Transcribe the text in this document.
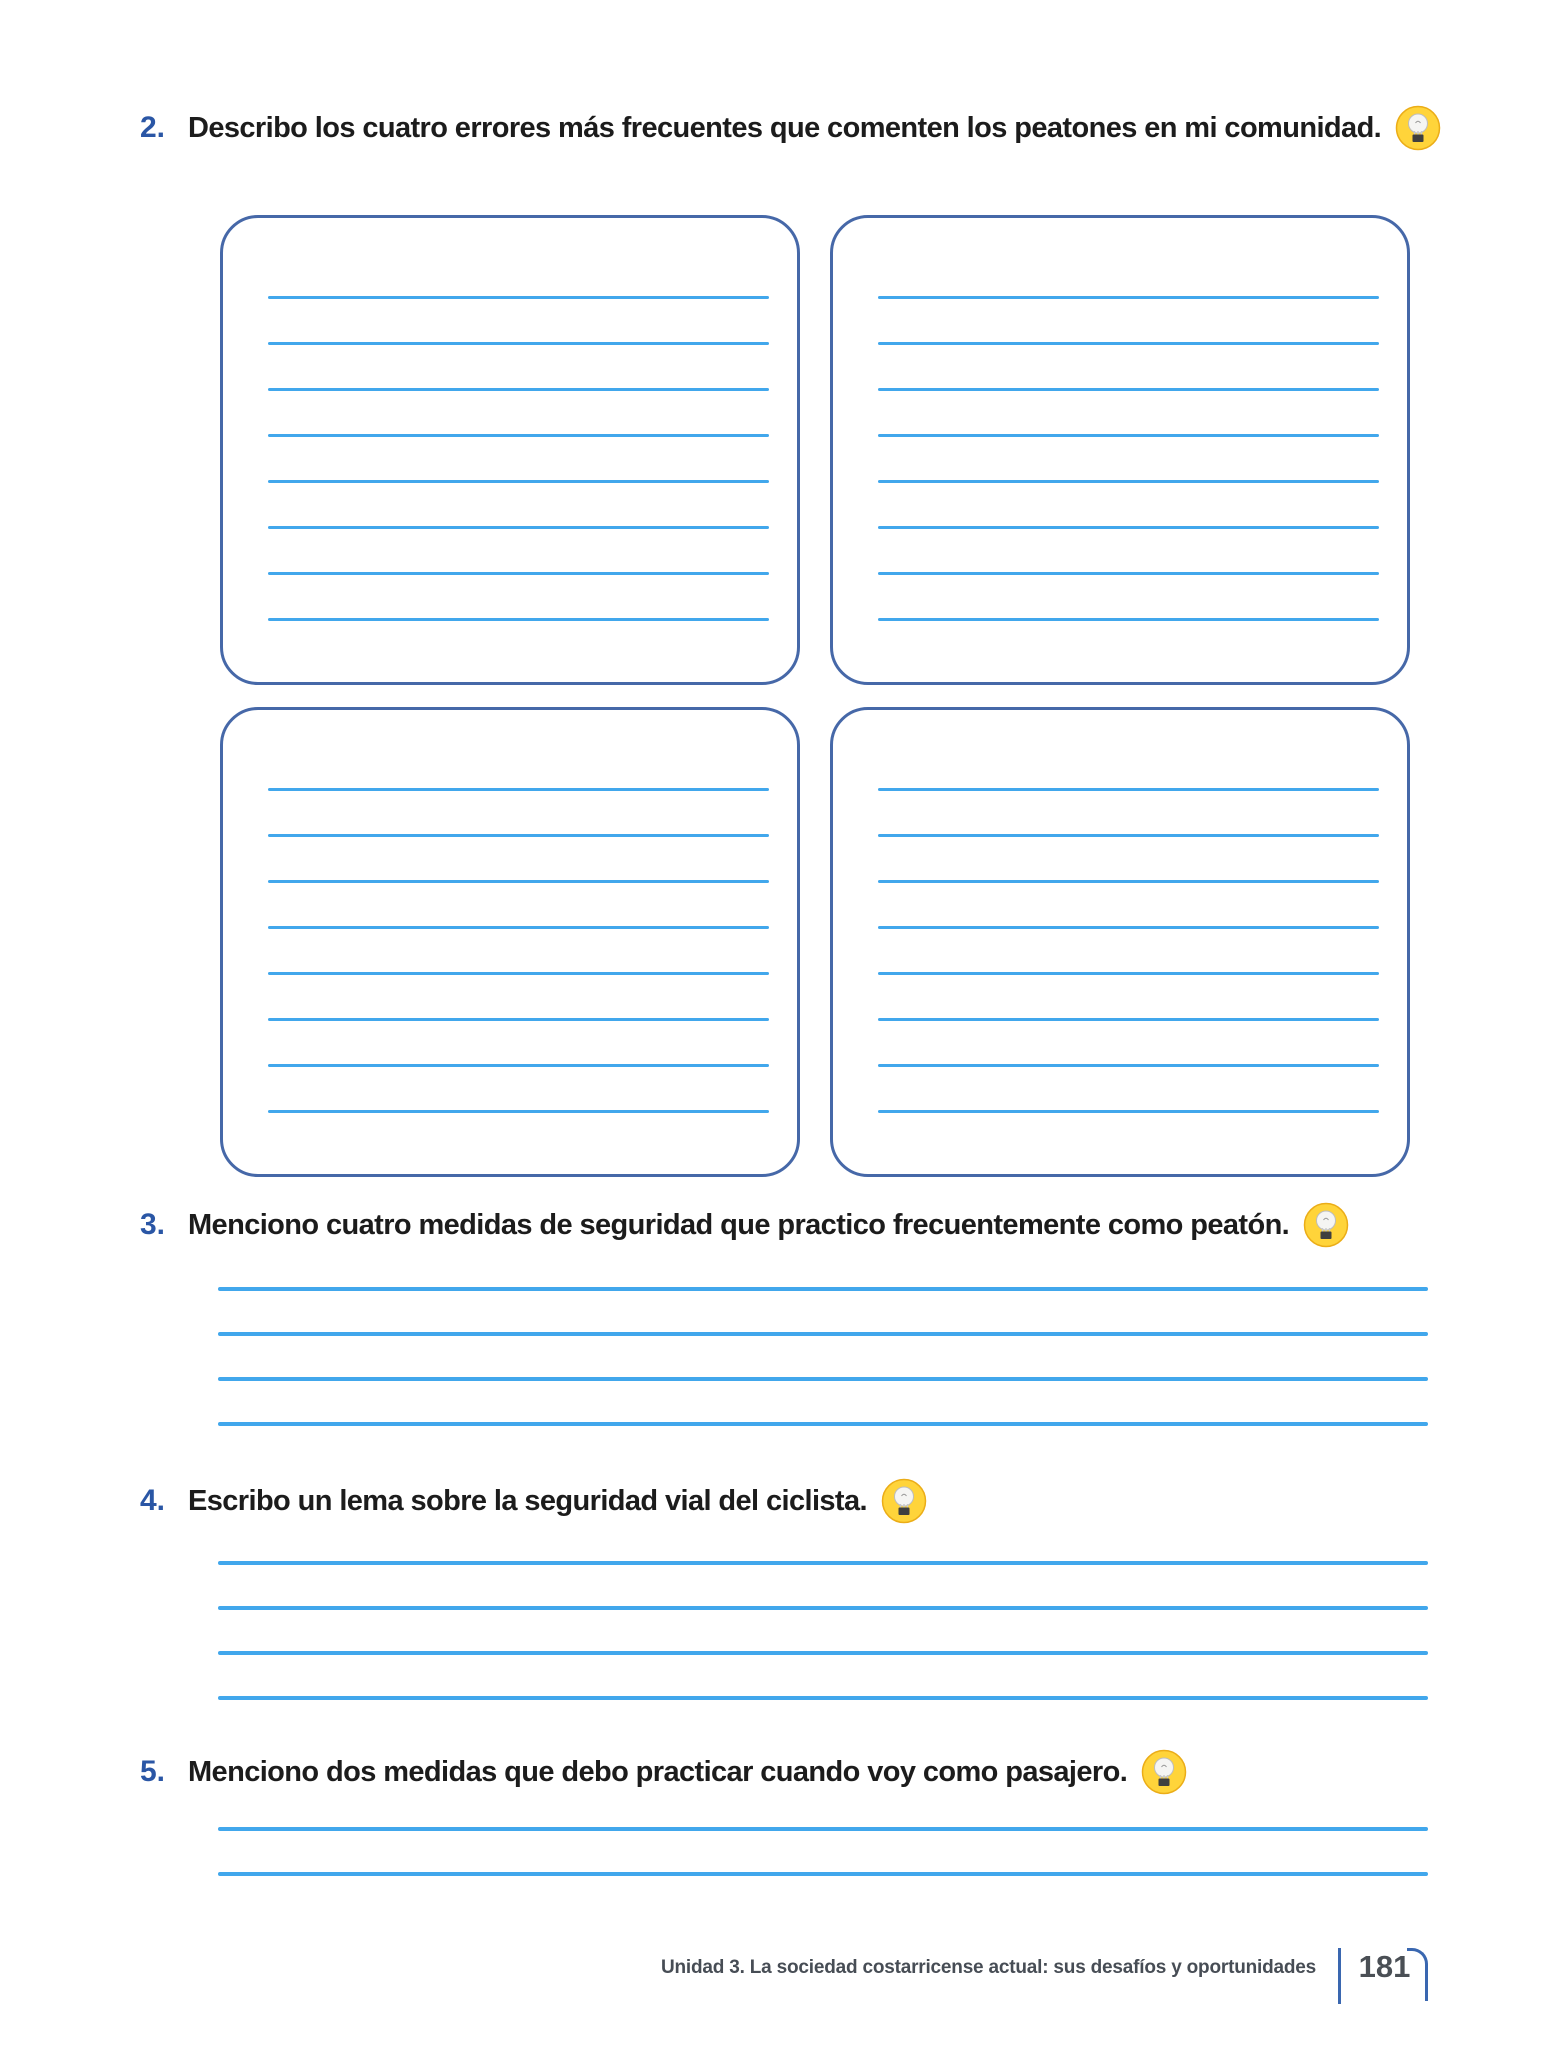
2. Describo los cuatro errores más frecuentes que comenten los peatones en mi comunidad.
3. Menciono cuatro medidas de seguridad que practico frecuentemente como peatón.
4. Escribo un lema sobre la seguridad vial del ciclista.
5. Menciono dos medidas que debo practicar cuando voy como pasajero.
Unidad 3. La sociedad costarricense actual: sus desafíos y oportunidades 181
